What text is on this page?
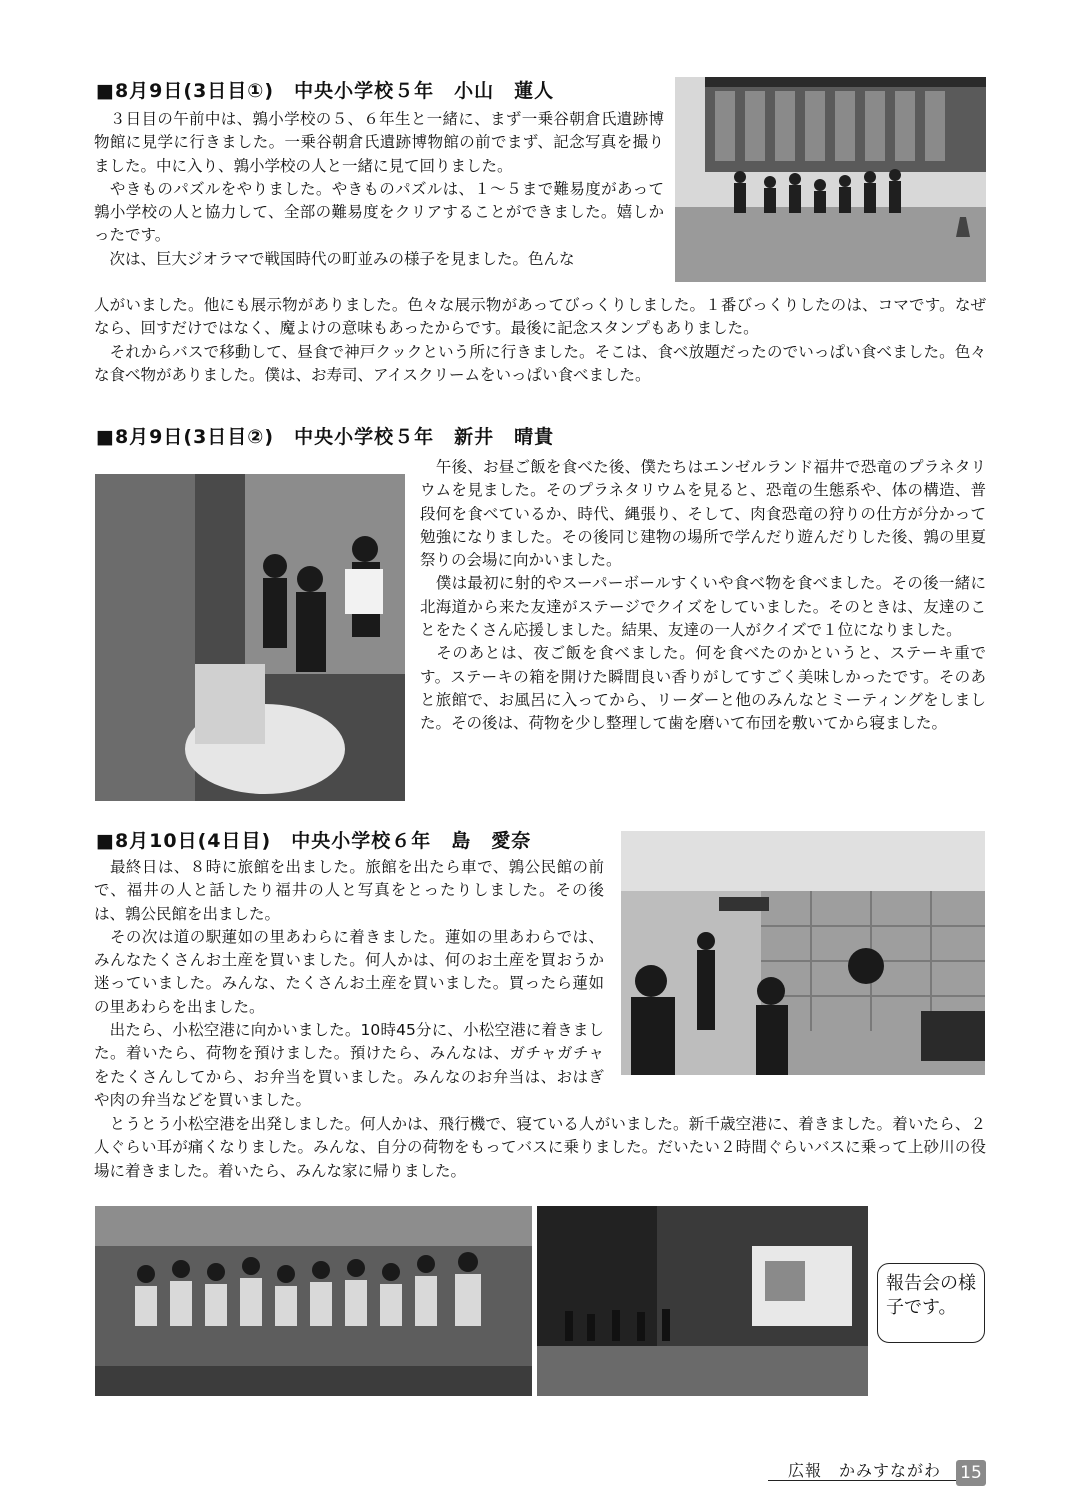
■8月9日(3日目①)　中央小学校５年　小山　蓮人

　３日目の午前中は、鶉小学校の５、６年生と一緒に、まず一乗谷朝倉氏遺跡博物館に見学に行きました。一乗谷朝倉氏遺跡博物館の前でまず、記念写真を撮りました。中に入り、鶉小学校の人と一緒に見て回りました。
　やきものパズルをやりました。やきものパズルは、１～５まで難易度があって鶉小学校の人と協力して、全部の難易度をクリアすることができました。嬉しかったです。
　次は、巨大ジオラマで戦国時代の町並みの様子を見ました。色んな

人がいました。他にも展示物がありました。色々な展示物があってびっくりしました。１番びっくりしたのは、コマです。なぜなら、回すだけではなく、魔よけの意味もあったからです。最後に記念スタンプもありました。
　それからバスで移動して、昼食で神戸クックという所に行きました。そこは、食べ放題だったのでいっぱい食べました。色々な食べ物がありました。僕は、お寿司、アイスクリームをいっぱい食べました。

■8月9日(3日目②)　中央小学校５年　新井　晴貴

　午後、お昼ご飯を食べた後、僕たちはエンゼルランド福井で恐竜のプラネタリウムを見ました。そのプラネタリウムを見ると、恐竜の生態系や、体の構造、普段何を食べているか、時代、縄張り、そして、肉食恐竜の狩りの仕方が分かって勉強になりました。その後同じ建物の場所で学んだり遊んだりした後、鶉の里夏祭りの会場に向かいました。
　僕は最初に射的やスーパーボールすくいや食べ物を食べました。その後一緒に北海道から来た友達がステージでクイズをしていました。そのときは、友達のことをたくさん応援しました。結果、友達の一人がクイズで１位になりました。
　そのあとは、夜ご飯を食べました。何を食べたのかというと、ステーキ重です。ステーキの箱を開けた瞬間良い香りがしてすごく美味しかったです。そのあと旅館で、お風呂に入ってから、リーダーと他のみんなとミーティングをしました。その後は、荷物を少し整理して歯を磨いて布団を敷いてから寝ました。

■8月10日(4日目)　中央小学校６年　島　愛奈

　最終日は、８時に旅館を出ました。旅館を出たら車で、鶉公民館の前で、福井の人と話したり福井の人と写真をとったりしました。その後は、鶉公民館を出ました。
　その次は道の駅蓮如の里あわらに着きました。蓮如の里あわらでは、みんなたくさんお土産を買いました。何人かは、何のお土産を買おうか迷っていました。みんな、たくさんお土産を買いました。買ったら蓮如の里あわらを出ました。
　出たら、小松空港に向かいました。10時45分に、小松空港に着きました。着いたら、荷物を預けました。預けたら、みんなは、ガチャガチャをたくさんしてから、お弁当を買いました。みんなのお弁当は、おはぎや肉の弁当などを買いました。

　とうとう小松空港を出発しました。何人かは、飛行機で、寝ている人がいました。新千歳空港に、着きました。着いたら、２人ぐらい耳が痛くなりました。みんな、自分の荷物をもってバスに乗りました。だいたい２時間ぐらいバスに乗って上砂川の役場に着きました。着いたら、みんな家に帰りました。

報告会の様子です。
広報　かみすながわ 15
